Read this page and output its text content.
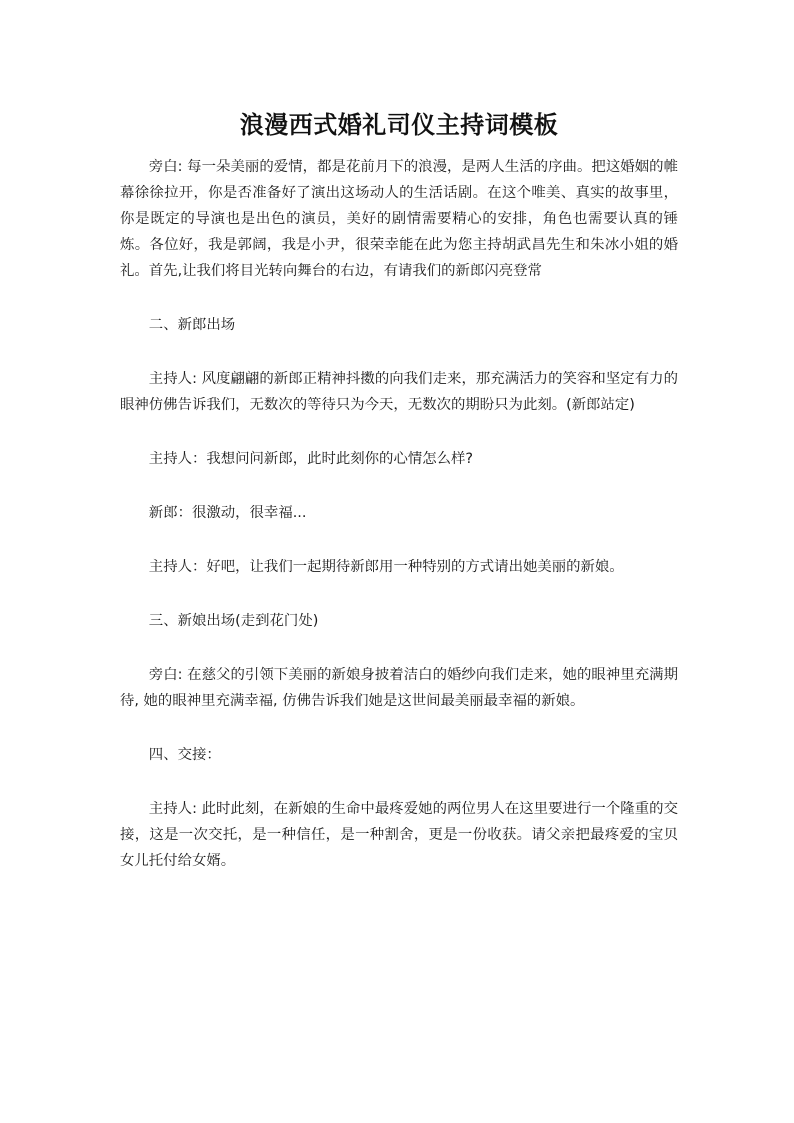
浪漫西式婚礼司仪主持词模板

旁白: 每一朵美丽的爱情，都是花前月下的浪漫，是两人生活的序曲。把这婚姻的帷幕徐徐拉开，你是否准备好了演出这场动人的生活话剧。在这个唯美、真实的故事里，你是既定的导演也是出色的演员，美好的剧情需要精心的安排，角色也需要认真的锤炼。各位好，我是郭阔，我是小尹，很荣幸能在此为您主持胡武昌先生和朱冰小姐的婚礼。首先,让我们将目光转向舞台的右边，有请我们的新郎闪亮登常

二、新郎出场

主持人: 风度翩翩的新郎正精神抖擞的向我们走来，那充满活力的笑容和坚定有力的眼神仿佛告诉我们，无数次的等待只为今天，无数次的期盼只为此刻。(新郎站定)

主持人：我想问问新郎，此时此刻你的心情怎么样?

新郎：很激动，很幸福...

主持人：好吧，让我们一起期待新郎用一种特别的方式请出她美丽的新娘。

三、新娘出场(走到花门处)

旁白: 在慈父的引领下美丽的新娘身披着洁白的婚纱向我们走来，她的眼神里充满期待, 她的眼神里充满幸福, 仿佛告诉我们她是这世间最美丽最幸福的新娘。

四、交接：

主持人: 此时此刻，在新娘的生命中最疼爱她的两位男人在这里要进行一个隆重的交接，这是一次交托，是一种信任，是一种割舍，更是一份收获。请父亲把最疼爱的宝贝女儿托付给女婿。
